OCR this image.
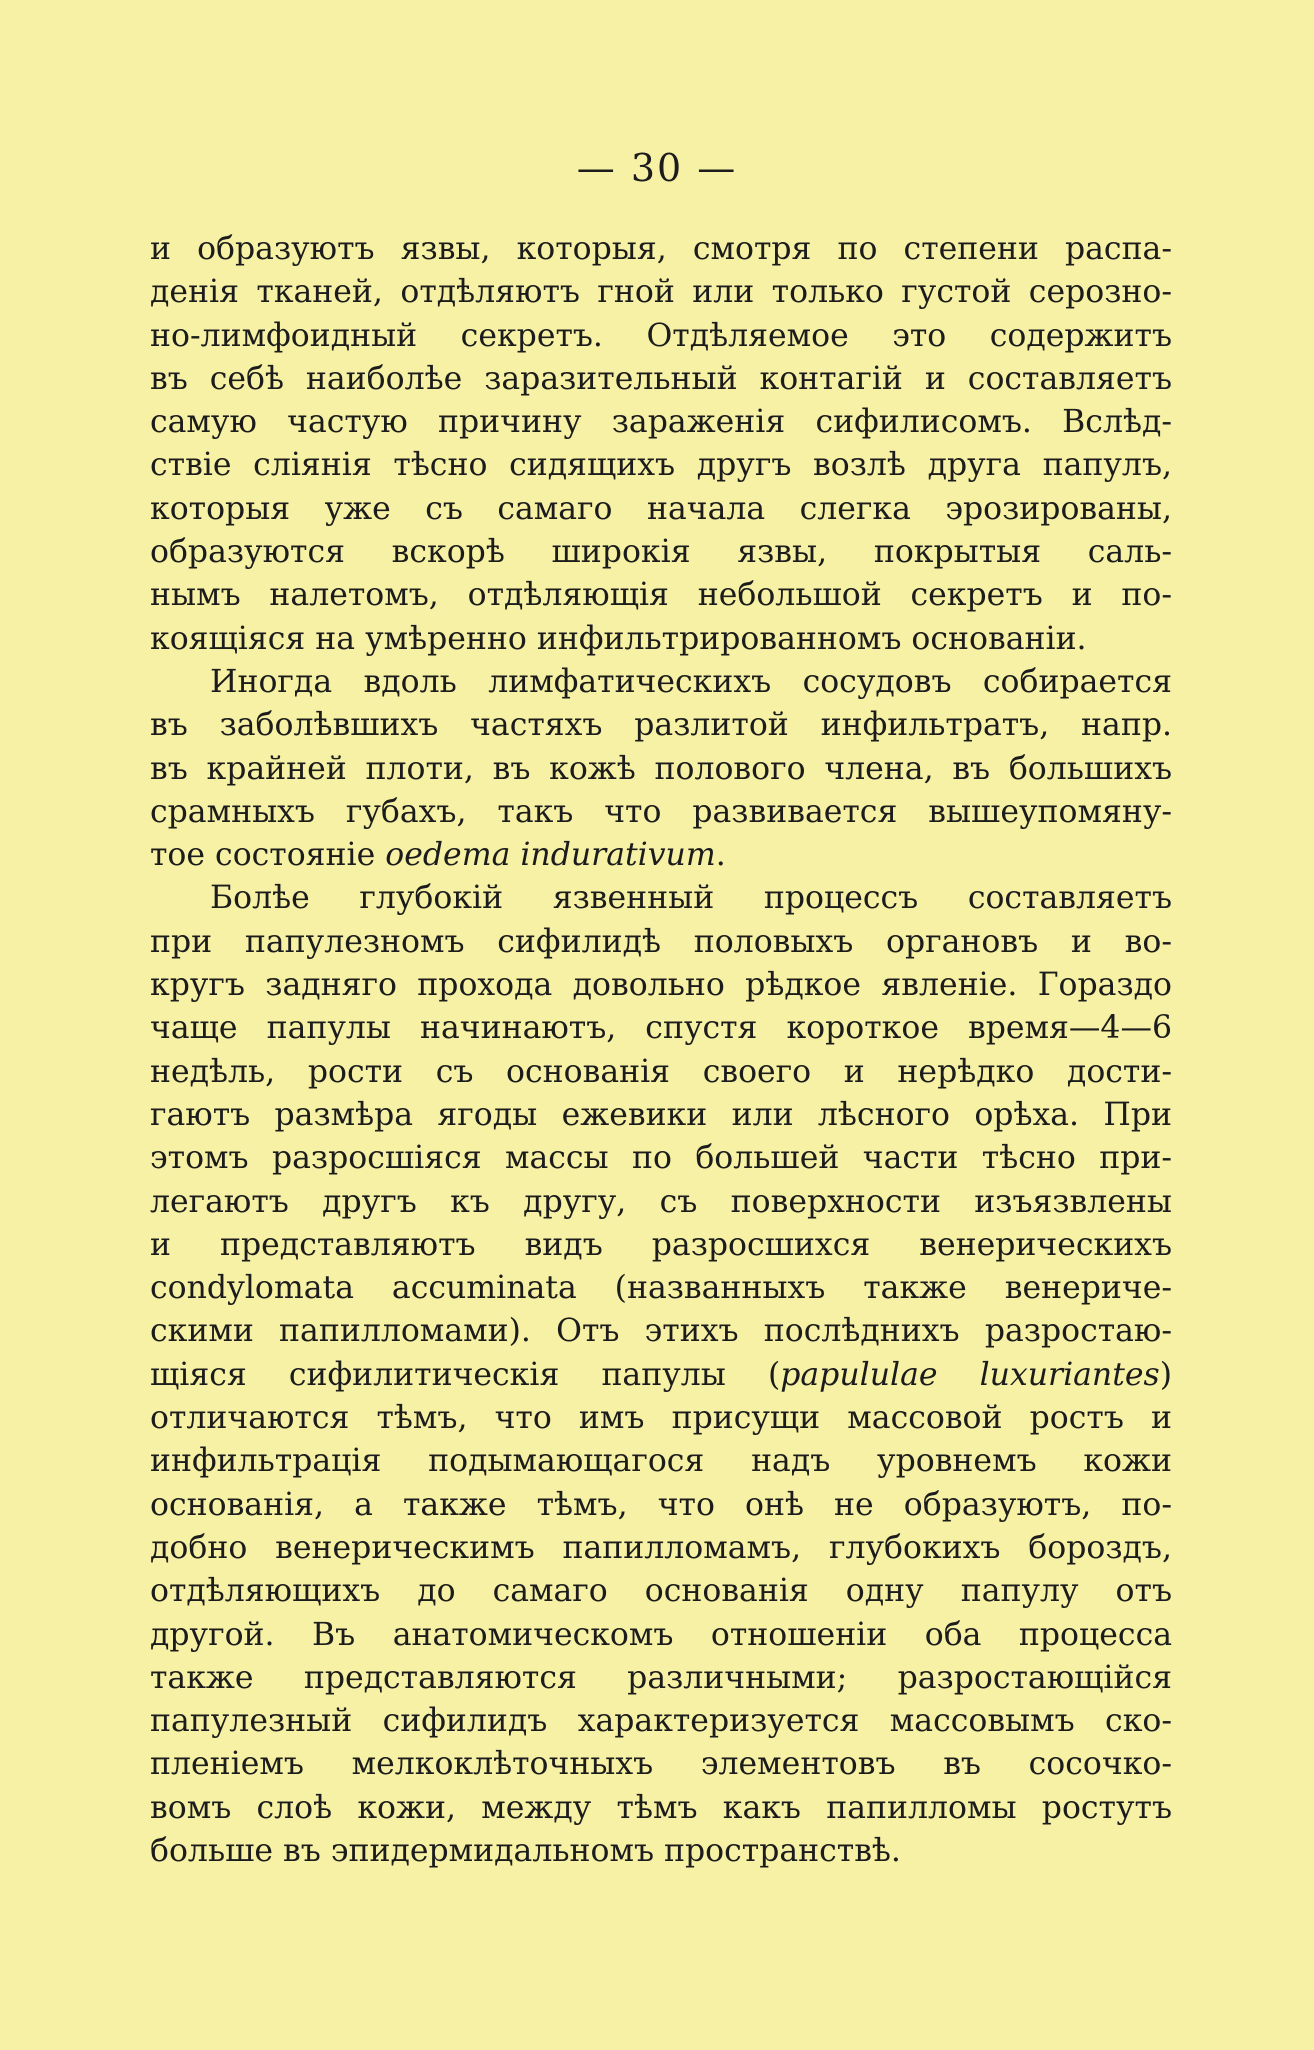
— 30 —
и образуютъ язвы, которыя, смотря по степени распа-
денія тканей, отдѣляютъ гной или только густой серозно-
но-лимфоидный секретъ. Отдѣляемое это содержитъ
въ себѣ наиболѣе заразительный контагій и составляетъ
самую частую причину зараженія сифилисомъ. Вслѣд-
ствіе сліянія тѣсно сидящихъ другъ возлѣ друга папулъ,
которыя уже съ самаго начала слегка эрозированы,
образуются вскорѣ широкія язвы, покрытыя саль-
нымъ налетомъ, отдѣляющія небольшой секретъ и по-
коящіяся на умѣренно инфильтрированномъ основаніи.
Иногда вдоль лимфатическихъ сосудовъ собирается
въ заболѣвшихъ частяхъ разлитой инфильтратъ, напр.
въ крайней плоти, въ кожѣ полового члена, въ большихъ
срамныхъ губахъ, такъ что развивается вышеупомяну-
тое состояніе oedema indurativum.
Болѣе глубокій язвенный процессъ составляетъ
при папулезномъ сифилидѣ половыхъ органовъ и во-
кругъ задняго прохода довольно рѣдкое явленіе. Гораздо
чаще папулы начинаютъ, спустя короткое время—4—6
недѣль, рости съ основанія своего и нерѣдко дости-
гаютъ размѣра ягоды ежевики или лѣсного орѣха. При
этомъ разросшіяся массы по большей части тѣсно при-
легаютъ другъ къ другу, съ поверхности изъязвлены
и представляютъ видъ разросшихся венерическихъ
condylomata accuminata (названныхъ также венериче-
скими папилломами). Отъ этихъ послѣднихъ разростаю-
щіяся сифилитическія папулы (papululae luxuriantes)
отличаются тѣмъ, что имъ присущи массовой ростъ и
инфильтрація подымающагося надъ уровнемъ кожи
основанія, а также тѣмъ, что онѣ не образуютъ, по-
добно венерическимъ папилломамъ, глубокихъ бороздъ,
отдѣляющихъ до самаго основанія одну папулу отъ
другой. Въ анатомическомъ отношеніи оба процесса
также представляются различными; разростающійся
папулезный сифилидъ характеризуется массовымъ ско-
пленіемъ мелкоклѣточныхъ элементовъ въ сосочко-
вомъ слоѣ кожи, между тѣмъ какъ папилломы ростутъ
больше въ эпидермидальномъ пространствѣ.
